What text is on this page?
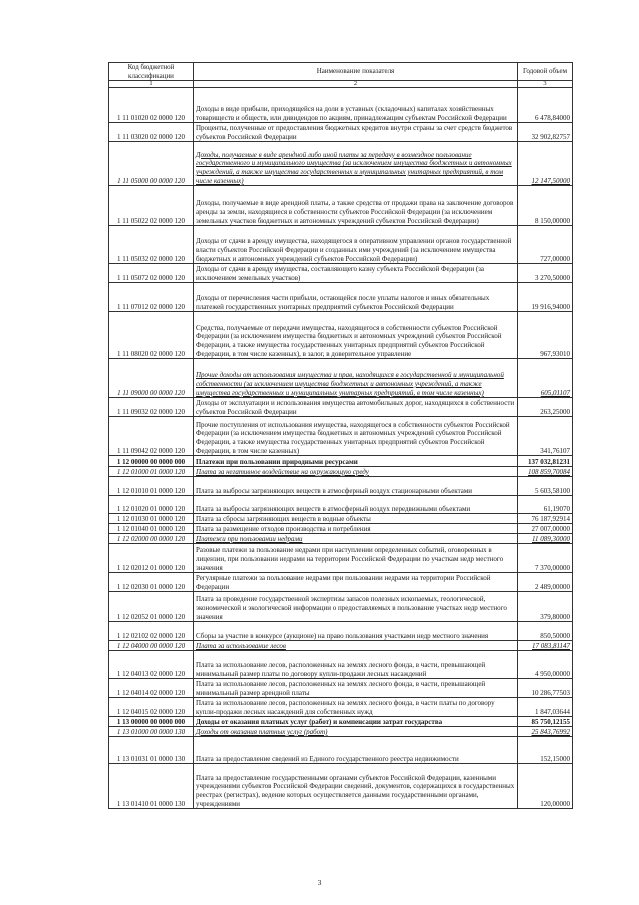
Код бюджетной классификации	Наименование показателя	Годовой объем
1	2	3
1 11 01020 02 0000 120	Доходы в виде прибыли, приходящейся на доли в уставных (складочных) капиталах хозяйственных товариществ и обществ, или дивидендов по акциям, принадлежащим субъектам Российской Федерации	6 478,84000
1 11 03020 02 0000 120	Проценты, полученные от предоставления бюджетных кредитов внутри страны за счет средств бюджетов субъектов Российской Федерации	32 902,82757
1 11 05000 00 0000 120	Доходы, получаемые в виде арендной либо иной платы за передачу в возмездное пользование государственного и муниципального имущества (за исключением имущества бюджетных и автономных учреждений, а также имущества государственных и муниципальных унитарных предприятий, в том числе казенных)	12 147,50000
1 11 05022 02 0000 120	Доходы, получаемые в виде арендной платы, а также средства от продажи права на заключение договоров аренды за земли, находящиеся в собственности субъектов Российской Федерации (за исключением земельных участков бюджетных и автономных учреждений субъектов Российской Федерации)	8 150,00000
1 11 05032 02 0000 120	Доходы от сдачи в аренду имущества, находящегося в оперативном управлении органов государственной власти субъектов Российской Федерации и созданных ими учреждений (за исключением имущества бюджетных и автономных учреждений субъектов Российской Федерации)	727,00000
1 11 05072 02 0000 120	Доходы от сдачи в аренду имущества, составляющего казну субъекта Российской Федерации (за исключением земельных участков)	3 270,50000
1 11 07012 02 0000 120	Доходы от перечисления части прибыли, остающейся после уплаты налогов и иных обязательных платежей государственных унитарных предприятий субъектов Российской Федерации	19 916,94000
1 11 08020 02 0000 120	Средства, получаемые от передачи имущества, находящегося в собственности субъектов Российской Федерации (за исключением имущества бюджетных и автономных учреждений субъектов Российской Федерации, а также имущества государственных унитарных предприятий субъектов Российской Федерации, в том числе казенных), в залог, в доверительное управление	967,93010
1 11 09000 00 0000 120	Прочие доходы от использования имущества и прав, находящихся в государственной и муниципальной собственности (за исключением имущества бюджетных и автономных учреждений, а также имущества государственных и муниципальных унитарных предприятий, в том числе казенных)	605,01107
1 11 09032 02 0000 120	Доходы от эксплуатации и использования имущества автомобильных дорог, находящихся в собственности субъектов Российской Федерации	263,25000
1 11 09042 02 0000 120	Прочие поступления от использования имущества, находящегося в собственности субъектов Российской Федерации (за исключением имущества бюджетных и автономных учреждений субъектов Российской Федерации, а также имущества государственных унитарных предприятий субъектов Российской Федерации, в том числе казенных)	341,76107
1 12 00000 00 0000 000	Платежи при пользовании природными ресурсами	137 032,81231
1 12 01000 01 0000 120	Плата за негативное воздействие на окружающую среду	108 859,70084
1 12 01010 01 0000 120	Плата за выбросы загрязняющих веществ в атмосферный воздух стационарными объектами	5 603,58100
1 12 01020 01 0000 120	Плата за выбросы загрязняющих веществ в атмосферный воздух передвижными объектами	61,19070
1 12 01030 01 0000 120	Плата за сбросы загрязняющих веществ в водные объекты	76 187,92914
1 12 01040 01 0000 120	Плата за размещение отходов производства и потребления	27 007,00000
1 12 02000 00 0000 120	Платежи при пользовании недрами	11 089,30000
1 12 02012 01 0000 120	Разовые платежи за пользование недрами при наступлении определенных событий, оговоренных в лицензии, при пользовании недрами на территории Российской Федерации по участкам недр местного значения	7 370,00000
1 12 02030 01 0000 120	Регулярные платежи за пользование недрами при пользовании недрами на территории Российской Федерации	2 489,00000
1 12 02052 01 0000 120	Плата за проведение государственной экспертизы запасов полезных ископаемых, геологической, экономической и экологической информации о предоставляемых в пользование участках недр местного значения	379,80000
1 12 02102 02 0000 120	Сборы за участие в конкурсе (аукционе) на право пользования участками недр местного значения	850,50000
1 12 04000 00 0000 120	Плата за использование лесов	17 083,81147
1 12 04013 02 0000 120	Плата за использование лесов, расположенных на землях лесного фонда, в части, превышающей минимальный размер платы по договору купли-продажи лесных насаждений	4 950,00000
1 12 04014 02 0000 120	Плата за использование лесов, расположенных на землях лесного фонда, в части, превышающей минимальный размер арендной платы	10 286,77503
1 12 04015 02 0000 120	Плата за использование лесов, расположенных на землях лесного фонда, в части платы по договору купли-продажи лесных насаждений для собственных нужд	1 847,03644
1 13 00000 00 0000 000	Доходы от оказания платных услуг (работ) и компенсации затрат государства	85 750,12155
1 13 01000 00 0000 130	Доходы от оказания платных услуг (работ)	25 843,76992
1 13 01031 01 0000 130	Плата за предоставление сведений из Единого государственного реестра недвижимости	152,15000
1 13 01410 01 0000 130	Плата за предоставление государственными органами субъектов Российской Федерации, казенными учреждениями субъектов Российской Федерации сведений, документов, содержащихся в государственных реестрах (регистрах), ведение которых осуществляется данными государственными органами, учреждениями	120,00000
3
